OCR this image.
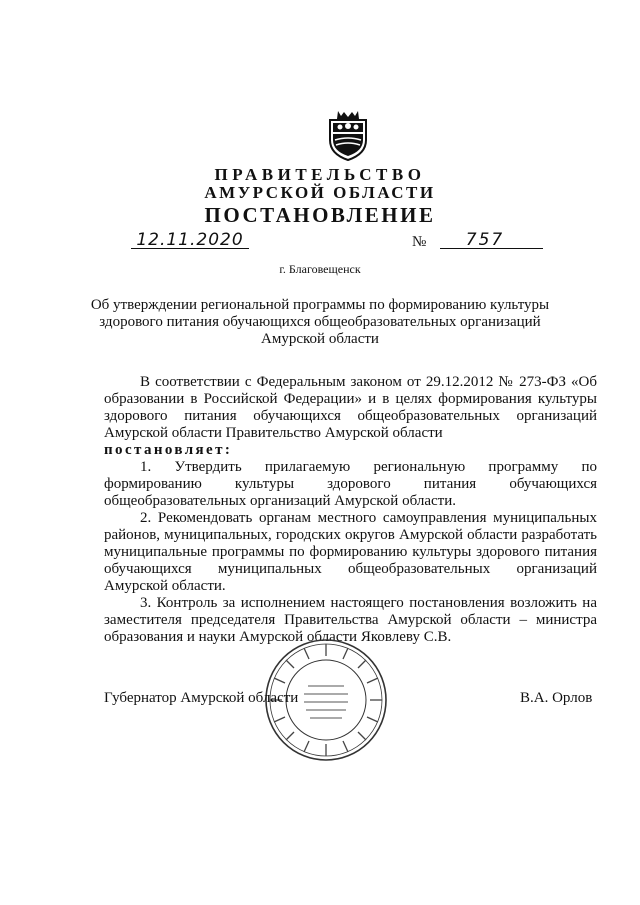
ПРАВИТЕЛЬСТВО
АМУРСКОЙ ОБЛАСТИ
ПОСТАНОВЛЕНИЕ
12.11.2020	№	757
г. Благовещенск
Об утверждении региональной программы по формированию культуры здорового питания обучающихся общеобразовательных организаций Амурской области

В соответствии с Федеральным законом от 29.12.2012 № 273-ФЗ «Об образовании в Российской Федерации» и в целях формирования культуры здорового питания обучающихся общеобразовательных организаций Амурской области Правительство Амурской области

постановляет:

1. Утвердить прилагаемую региональную программу по формированию культуры здорового питания обучающихся общеобразовательных организаций Амурской области.

2. Рекомендовать органам местного самоуправления муниципальных районов, муниципальных, городских округов Амурской области разработать муниципальные программы по формированию культуры здорового питания обучающихся муниципальных общеобразовательных организаций Амурской области.

3. Контроль за исполнением настоящего постановления возложить на заместителя председателя Правительства Амурской области – министра образования и науки Амурской области Яковлеву С.В.

Губернатор Амурской области	В.А. Орлов
